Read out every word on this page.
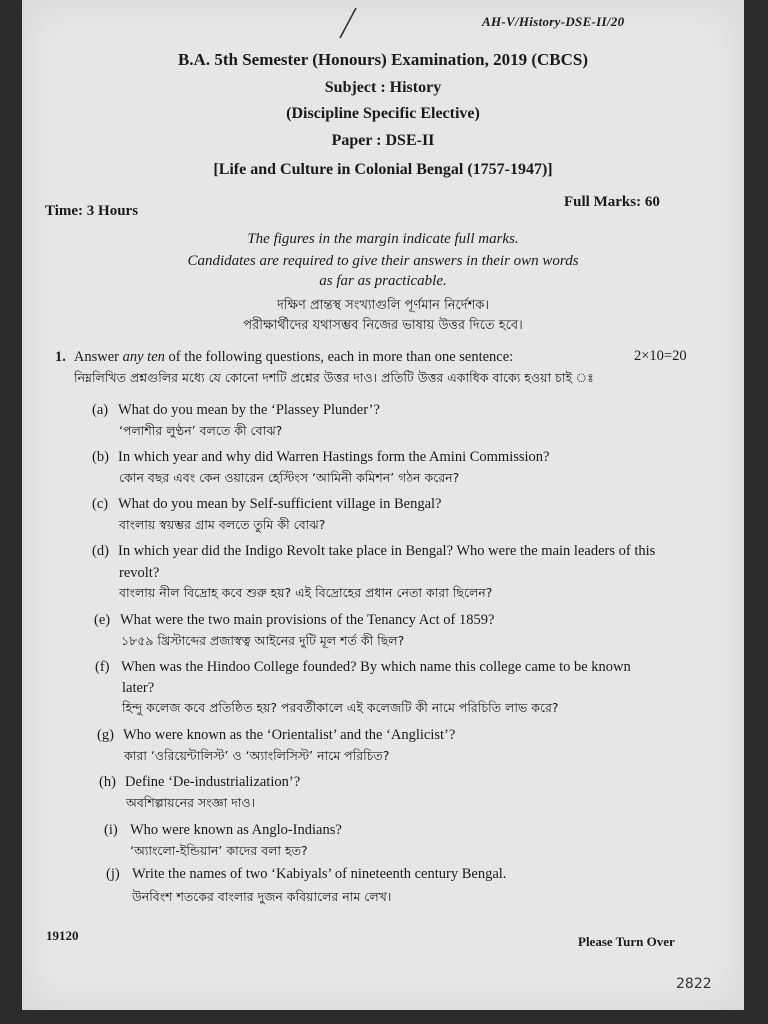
AH-V/History-DSE-II/20
B.A. 5th Semester (Honours) Examination, 2019 (CBCS)
Subject : History
(Discipline Specific Elective)
Paper : DSE-II
[Life and Culture in Colonial Bengal (1757-1947)]
Time: 3 Hours
Full Marks: 60
The figures in the margin indicate full marks.
Candidates are required to give their answers in their own words
as far as practicable.
দক্ষিণ প্রান্তস্থ সংখ্যাগুলি পূর্ণমান নির্দেশক।
পরীক্ষার্থীদের যথাসম্ভব নিজের ভাষায় উত্তর দিতে হবে।
1. Answer any ten of the following questions, each in more than one sentence:	2×10=20
নিম্নলিখিত প্রশ্নগুলির মধ্যে যে কোনো দশটি প্রশ্নের উত্তর দাও। প্রতিটি উত্তর একাধিক বাক্যে হওয়া চাই ঃ
(a) What do you mean by the ‘Plassey Plunder’?
‘পলাশীর লুণ্ঠন’ বলতে কী বোঝ?
(b) In which year and why did Warren Hastings form the Amini Commission?
কোন বছর এবং কেন ওয়ারেন হেস্টিংস ‘আমিনী কমিশন’ গঠন করেন?
(c) What do you mean by Self-sufficient village in Bengal?
বাংলায় স্বয়ম্ভর গ্রাম বলতে তুমি কী বোঝ?
(d) In which year did the Indigo Revolt take place in Bengal? Who were the main leaders of this
revolt?
বাংলায় নীল বিদ্রোহ কবে শুরু হয়? এই বিদ্রোহের প্রধান নেতা কারা ছিলেন?
(e) What were the two main provisions of the Tenancy Act of 1859?
১৮৫৯ খ্রিস্টাব্দের প্রজাস্বত্ব আইনের দুটি মূল শর্ত কী ছিল?
(f) When was the Hindoo College founded? By which name this college came to be known
later?
হিন্দু কলেজ কবে প্রতিষ্ঠিত হয়? পরবর্তীকালে এই কলেজটি কী নামে পরিচিতি লাভ করে?
(g) Who were known as the ‘Orientalist’ and the ‘Anglicist’?
কারা ‘ওরিয়েন্টালিস্ট’ ও ‘অ্যাংলিসিস্ট’ নামে পরিচিত?
(h) Define ‘De-industrialization’?
অবশিল্পায়নের সংজ্ঞা দাও।
(i) Who were known as Anglo-Indians?
‘অ্যাংলো-ইন্ডিয়ান’ কাদের বলা হত?
(j) Write the names of two ‘Kabiyals’ of nineteenth century Bengal.
উনবিংশ শতকের বাংলার দুজন কবিয়ালের নাম লেখ।
19120	Please Turn Over
2822
